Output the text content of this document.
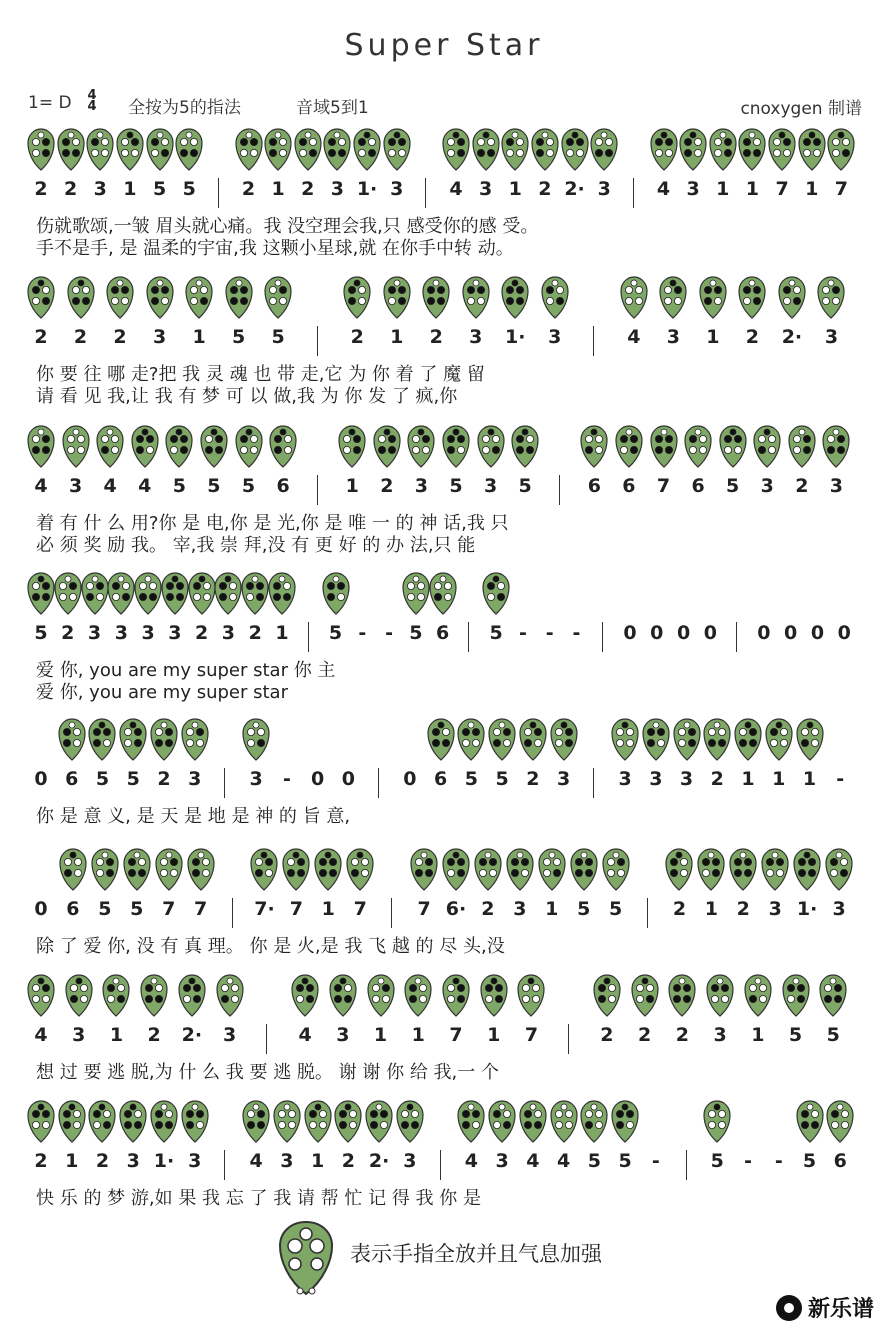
Super Star
1= D 4
4 全按为5的指法	音域5到1	cnoxygen 制谱
2 2 3 1 5 5 2 1 2 3 1· 3 4 3 1 2 2· 3 4 3 1 1 7 1 7
伤就歌颂,一皱 眉头就心痛。我 没空理会我,只 感受你的感 受。
手不是手, 是 温柔的宇宙,我 这颗小星球,就 在你手中转 动。
2 2 2 3 1 5 5	2 1 2 3 1· 3	4 3 1 2 2· 3
你 要 往 哪 走?把 我 灵 魂 也 带 走,它 为 你 着 了 魔 留
请 看 见 我,让 我 有 梦 可 以 做,我 为 你 发 了 疯,你
4 3 4 4 5 5 5 6	1 2 3 5 3 5	6 6 7 6 5 3 2 3
着 有 什 么 用?你 是 电,你 是 光,你 是 唯 一 的 神 话,我 只
必 须 奖 励 我。 宰,我 崇 拜,没 有 更 好 的 办 法,只 能
5 2 3 3 3 3 2 3 2 1 5 - - 5 6 5 - - -	0 0 0 0 0 0 0 0
爱 你, you are my super star 你 主
爱 你, you are my super star
0 6 5 5 2 3	3	-	0 0	0 6 5 5 2 3	3 3 3 2 1 1 1	-
你 是 意 义, 是 天 是 地 是 神 的 旨 意,
0 6 5 5 7 7 7· 7 1 7	7 6· 2 3 1 5 5	2 1 2 3 1· 3
除 了 爱 你, 没 有 真 理。 你 是 火,是 我 飞 越 的 尽 头,没
4 3 1 2 2· 3	4 3 1 1 7 1 7	2 2 2 3 1 5 5
想 过 要 逃 脱,为 什 么 我 要 逃 脱。 谢 谢 你 给 我,一 个
2 1 2 3 1· 3	4 3 1 2 2· 3	4 3 4 4 5 5	-	5	-	-	5 6
快 乐 的 梦 游,如 果 我 忘 了 我 请 帮 忙 记 得 我 你 是
表示手指全放并且气息加强
新乐谱
